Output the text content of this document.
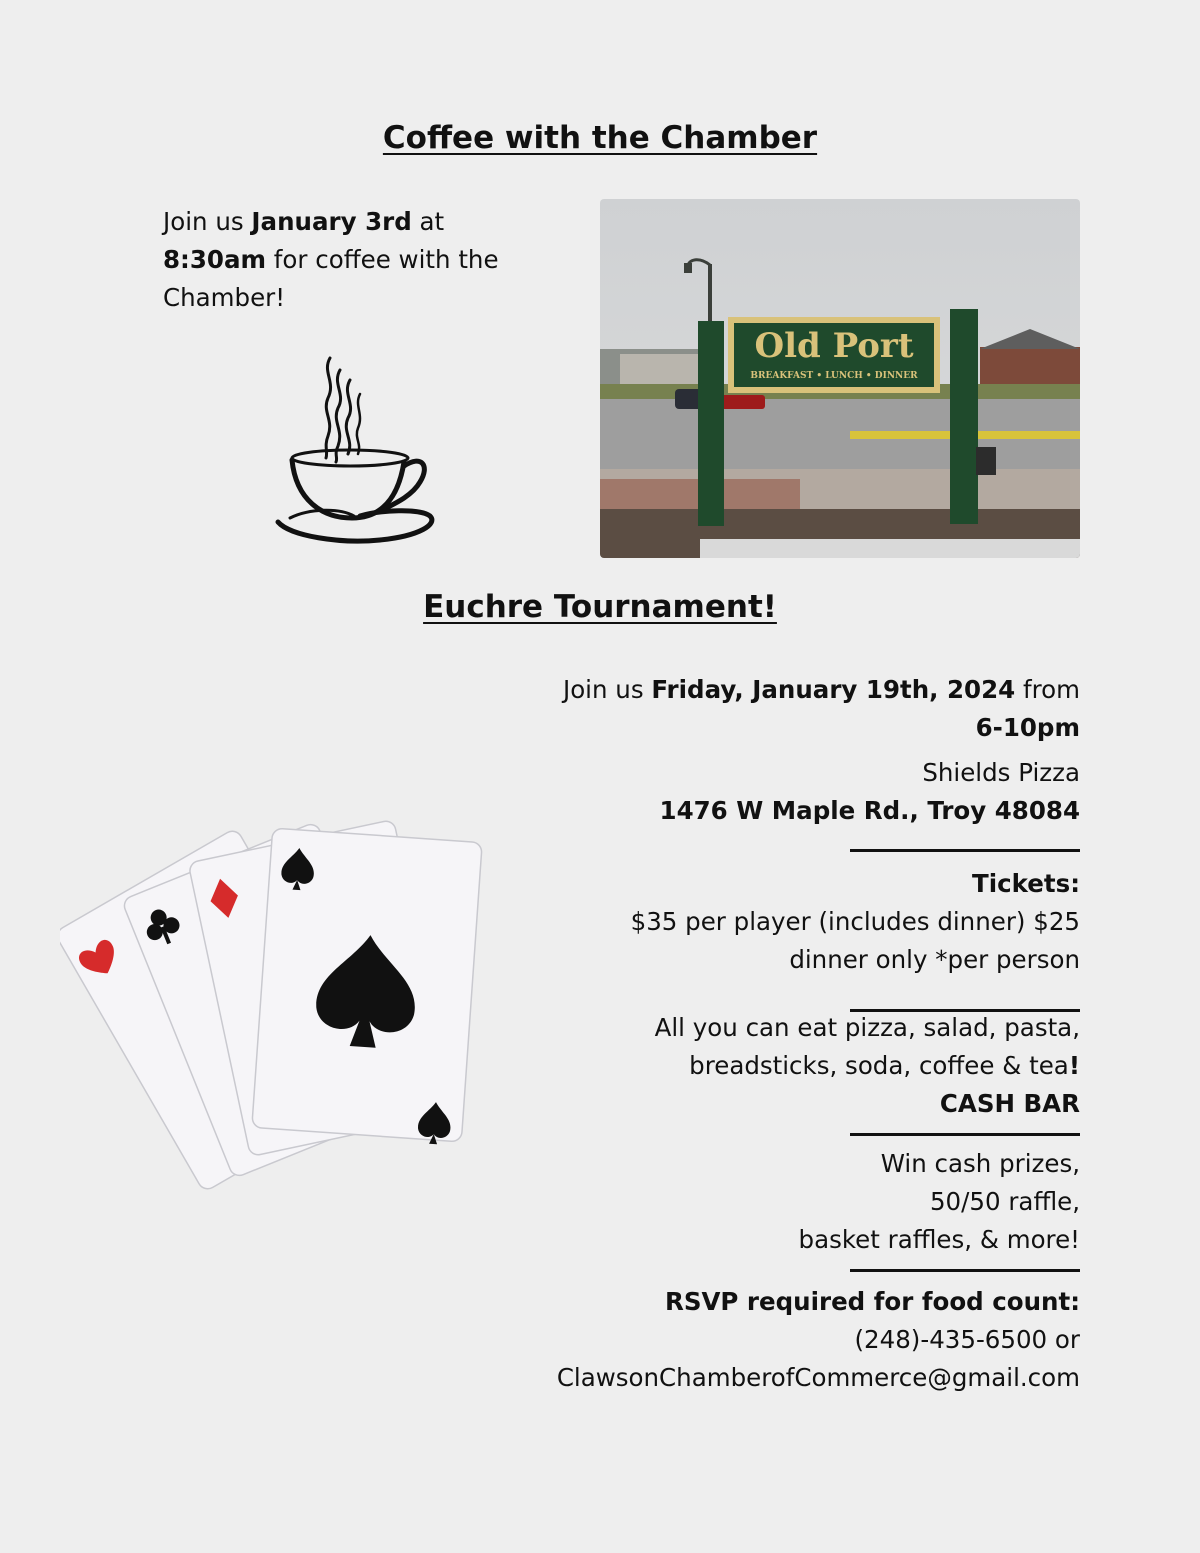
Coffee with the Chamber
Join us January 3rd at 8:30am for coffee with the Chamber!
Old Port
BREAKFAST • LUNCH • DINNER
Euchre Tournament!
Join us Friday, January 19th, 2024 from
6-10pm
Shields Pizza
1476 W Maple Rd., Troy 48084
Tickets:
$35 per player (includes dinner) $25
dinner only *per person
All you can eat pizza, salad, pasta,
breadsticks, soda, coffee & tea!
CASH BAR
Win cash prizes,
50/50 raffle,
basket raffles, & more!
RSVP required for food count:
(248)-435-6500 or
ClawsonChamberofCommerce@gmail.com
